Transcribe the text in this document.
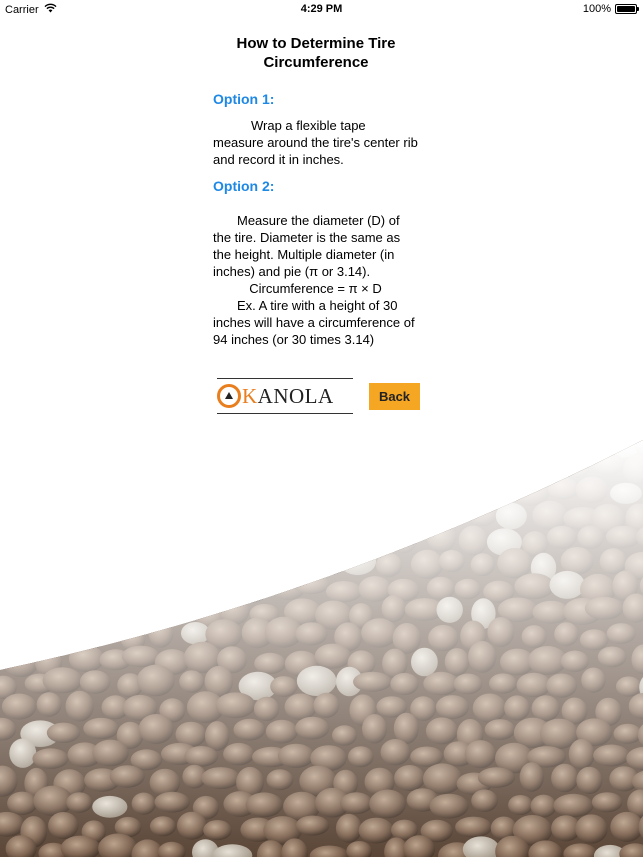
Carrier	4:29 PM	100%
How to Determine Tire Circumference
Option 1:
Wrap a flexible tape measure around the tire's center rib and record it in inches.
Option 2:
Measure the diameter (D) of the tire. Diameter is the same as the height. Multiple diameter (in inches) and pie (π or 3.14).
Circumference = π × D
Ex. A tire with a height of 30 inches will have a circumference of 94 inches (or 30 times 3.14)
K ANOLA	Back
